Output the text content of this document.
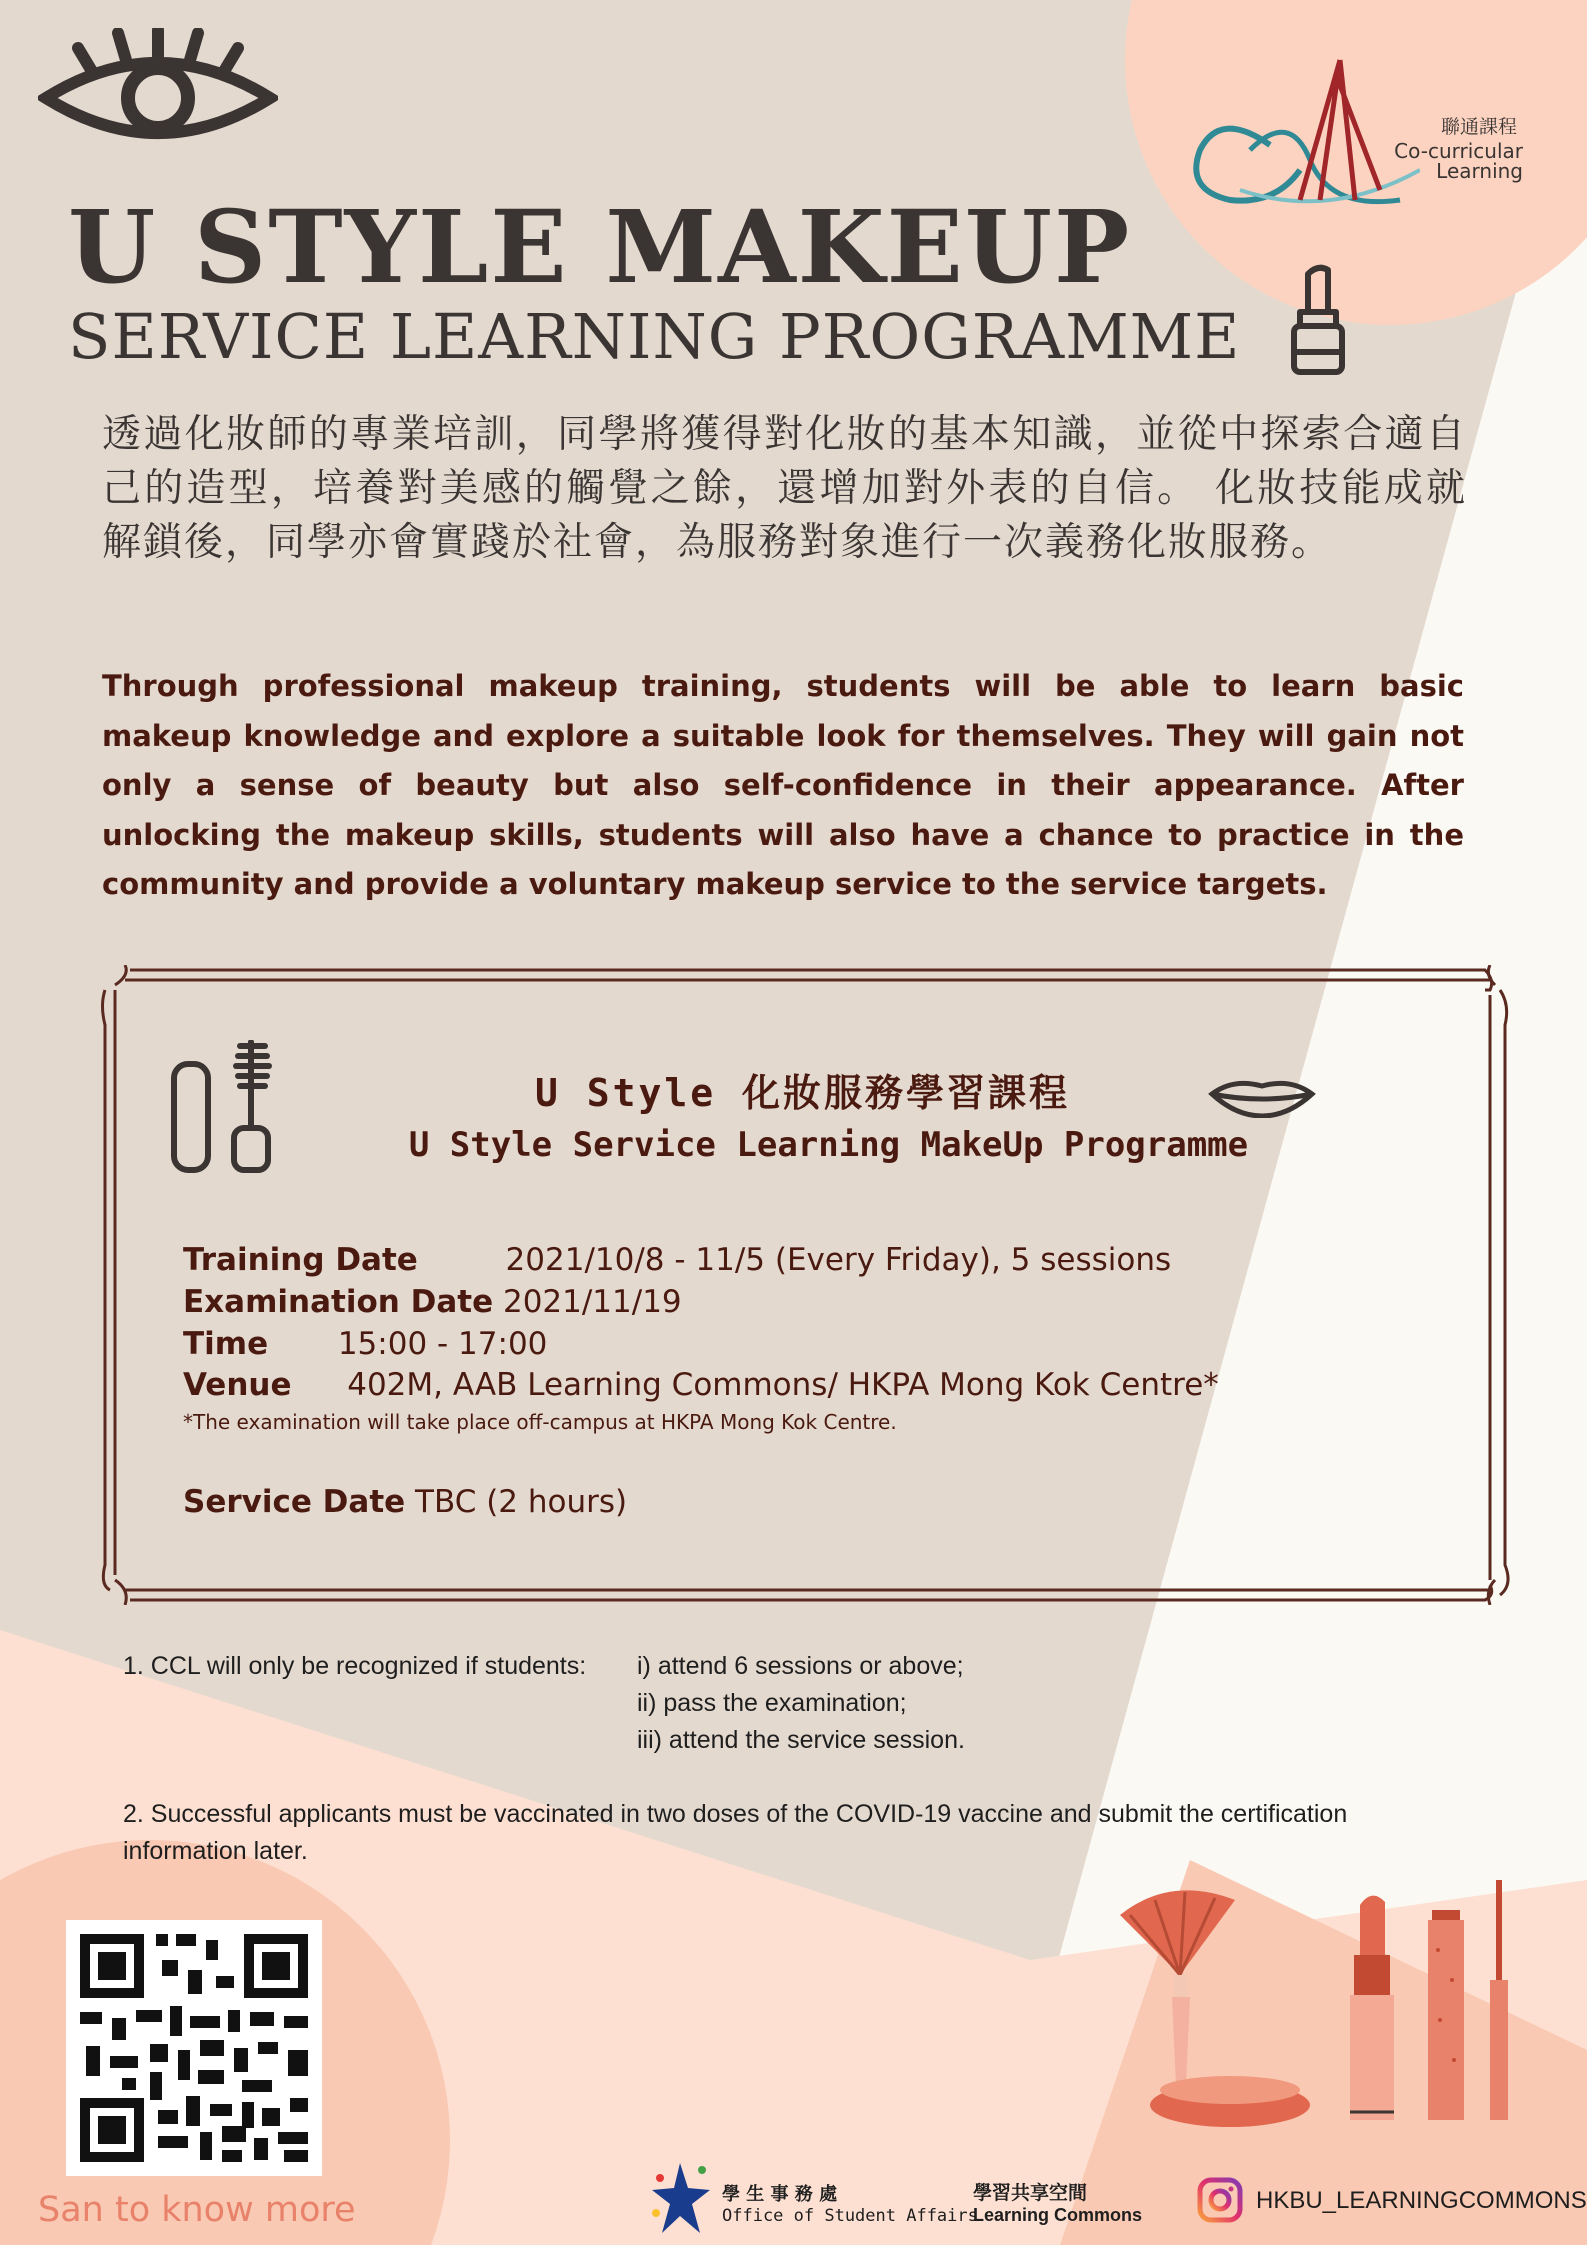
聯通課程
Co-curricular
Learning
U STYLE MAKEUP
SERVICE LEARNING PROGRAMME
透過化妝師的專業培訓，同學將獲得對化妝的基本知識，並從中探索合適自己的造型，培養對美感的觸覺之餘，還增加對外表的自信。 化妝技能成就解鎖後，同學亦會實踐於社會，為服務對象進行一次義務化妝服務。
Through professional makeup training, students will be able to learn basic makeup knowledge and explore a suitable look for themselves. They will gain not only a sense of beauty but also self-confidence in their appearance. After unlocking the makeup skills, students will also have a chance to practice in the community and provide a voluntary makeup service to the service targets.
U Style 化妝服務學習課程
U Style Service Learning MakeUp Programme
Training Date	2021/10/8 - 11/5 (Every Friday), 5 sessions
Examination Date 2021/11/19
Time 15:00 - 17:00
Venue 402M, AAB Learning Commons/ HKPA Mong Kok Centre*
*The examination will take place off-campus at HKPA Mong Kok Centre.
Service Date TBC (2 hours)
1. CCL will only be recognized if students: i) attend 6 sessions or above;
ii) pass the examination;
iii) attend the service session.
2. Successful applicants must be vaccinated in two doses of the COVID-19 vaccine and submit the certification
information later.
San to know more	學 生 事 務 處
Office of Student Affairs
學習共享空間
Learning Commons
HKBU_LEARNINGCOMMONS
